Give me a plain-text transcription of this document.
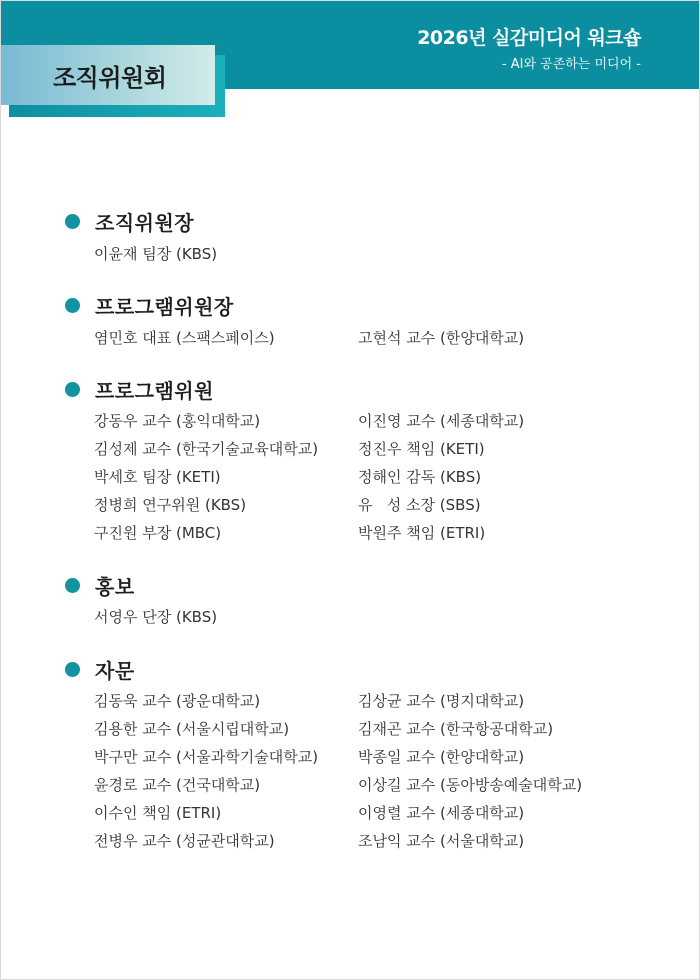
2026년 실감미디어 워크숍
- AI와 공존하는 미디어 -
조직위원회
조직위원장
이윤재 팀장 (KBS)
프로그램위원장
염민호 대표 (스팩스페이스)	고현석 교수 (한양대학교)
프로그램위원
강동우 교수 (홍익대학교)	이진영 교수 (세종대학교)
김성제 교수 (한국기술교육대학교)	정진우 책임 (KETI)
박세호 팀장 (KETI)	정해인 감독 (KBS)
정병희 연구위원 (KBS)	유   성 소장 (SBS)
구진원 부장 (MBC)	박원주 책임 (ETRI)
홍보
서영우 단장 (KBS)
자문
김동욱 교수 (광운대학교)	김상균 교수 (명지대학교)
김용한 교수 (서울시립대학교)	김재곤 교수 (한국항공대학교)
박구만 교수 (서울과학기술대학교)	박종일 교수 (한양대학교)
윤경로 교수 (건국대학교)	이상길 교수 (동아방송예술대학교)
이수인 책임 (ETRI)	이영렬 교수 (세종대학교)
전병우 교수 (성균관대학교)	조남익 교수 (서울대학교)
